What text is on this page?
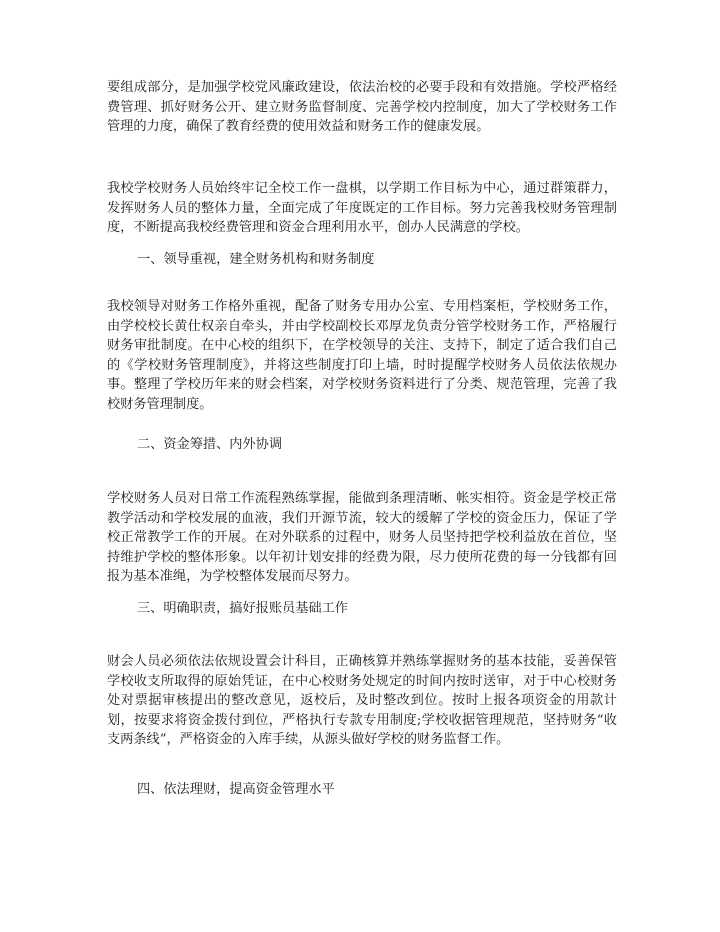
要组成部分，是加强学校党风廉政建设，依法治校的必要手段和有效措施。学校严格经费管理、抓好财务公开、建立财务监督制度、完善学校内控制度，加大了学校财务工作管理的力度，确保了教育经费的使用效益和财务工作的健康发展。

我校学校财务人员始终牢记全校工作一盘棋，以学期工作目标为中心，通过群策群力，发挥财务人员的整体力量，全面完成了年度既定的工作目标。努力完善我校财务管理制度，不断提高我校经费管理和资金合理利用水平，创办人民满意的学校。

一、领导重视，建全财务机构和财务制度

我校领导对财务工作格外重视，配备了财务专用办公室、专用档案柜，学校财务工作，由学校校长黄仕权亲自牵头，并由学校副校长邓厚龙负责分管学校财务工作，严格履行财务审批制度。在中心校的组织下，在学校领导的关注、支持下，制定了适合我们自己的《学校财务管理制度》，并将这些制度打印上墙，时时提醒学校财务人员依法依规办事。整理了学校历年来的财会档案，对学校财务资料进行了分类、规范管理，完善了我校财务管理制度。

二、资金筹措、内外协调

学校财务人员对日常工作流程熟练掌握，能做到条理清晰、帐实相符。资金是学校正常教学活动和学校发展的血液，我们开源节流，较大的缓解了学校的资金压力，保证了学校正常教学工作的开展。在对外联系的过程中，财务人员坚持把学校利益放在首位，坚持维护学校的整体形象。以年初计划安排的经费为限，尽力使所花费的每一分钱都有回报为基本准绳，为学校整体发展而尽努力。

三、明确职责，搞好报账员基础工作

财会人员必须依法依规设置会计科目，正确核算并熟练掌握财务的基本技能，妥善保管学校收支所取得的原始凭证，在中心校财务处规定的时间内按时送审，对于中心校财务处对票据审核提出的整改意见，返校后，及时整改到位。按时上报各项资金的用款计划，按要求将资金拨付到位，严格执行专款专用制度;学校收据管理规范，坚持财务“收支两条线”，严格资金的入库手续，从源头做好学校的财务监督工作。

四、依法理财，提高资金管理水平
